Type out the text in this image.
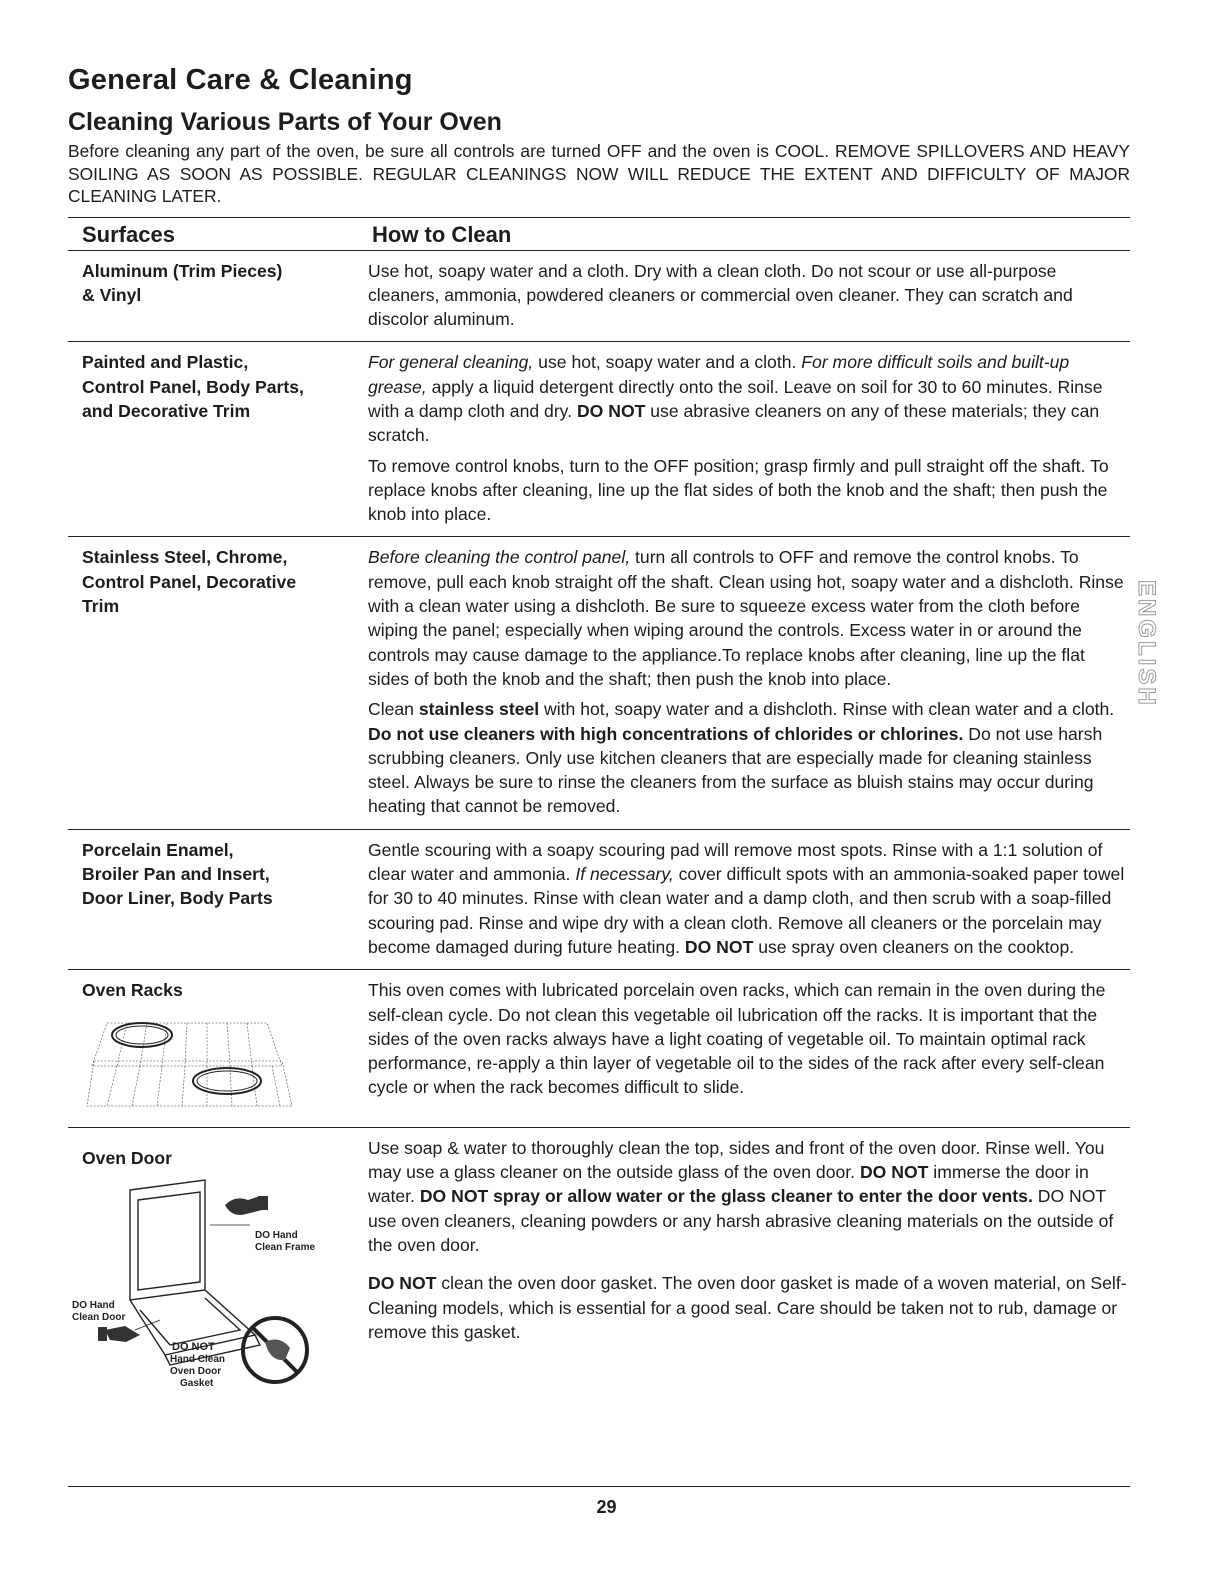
General Care & Cleaning
Cleaning Various Parts of Your Oven

Before cleaning any part of the oven, be sure all controls are turned OFF and the oven is COOL. REMOVE SPILLOVERS AND HEAVY SOILING AS SOON AS POSSIBLE. REGULAR CLEANINGS NOW WILL REDUCE THE EXTENT AND DIFFICULTY OF MAJOR CLEANING LATER.

Surfaces	How to Clean
Aluminum (Trim Pieces)
& Vinyl

Use hot, soapy water and a cloth. Dry with a clean cloth. Do not scour or use all-purpose cleaners, ammonia, powdered cleaners or commercial oven cleaner. They can scratch and discolor aluminum.

Painted and Plastic,
Control Panel, Body Parts,
and Decorative Trim

For general cleaning, use hot, soapy water and a cloth. For more difficult soils and built-up grease, apply a liquid detergent directly onto the soil. Leave on soil for 30 to 60 minutes. Rinse with a damp cloth and dry. DO NOT use abrasive cleaners on any of these materials; they can scratch.

To remove control knobs, turn to the OFF position; grasp firmly and pull straight off the shaft. To replace knobs after cleaning, line up the flat sides of both the knob and the shaft; then push the knob into place.

Stainless Steel, Chrome,
Control Panel, Decorative
Trim

Before cleaning the control panel, turn all controls to OFF and remove the control knobs. To remove, pull each knob straight off the shaft. Clean using hot, soapy water and a dishcloth. Rinse with a clean water using a dishcloth. Be sure to squeeze excess water from the cloth before wiping the panel; especially when wiping around the controls. Excess water in or around the controls may cause damage to the appliance.To replace knobs after cleaning, line up the flat sides of both the knob and the shaft; then push the knob into place.

Clean stainless steel with hot, soapy water and a dishcloth. Rinse with clean water and a cloth. Do not use cleaners with high concentrations of chlorides or chlorines. Do not use harsh scrubbing cleaners. Only use kitchen cleaners that are especially made for cleaning stainless steel. Always be sure to rinse the cleaners from the surface as bluish stains may occur during heating that cannot be removed.

Porcelain Enamel,
Broiler Pan and Insert,
Door Liner, Body Parts

Gentle scouring with a soapy scouring pad will remove most spots. Rinse with a 1:1 solution of clear water and ammonia. If necessary, cover difficult spots with an ammonia-soaked paper towel for 30 to 40 minutes. Rinse with clean water and a damp cloth, and then scrub with a soap-filled scouring pad. Rinse and wipe dry with a clean cloth. Remove all cleaners or the porcelain may become damaged during future heating. DO NOT use spray oven cleaners on the cooktop.

Oven Racks	This oven comes with lubricated porcelain oven racks, which can remain in the oven during the self-clean cycle. Do not clean this vegetable oil lubrication off the racks. It is important that the sides of the oven racks always have a light coating of vegetable oil. To maintain optimal rack performance, re-apply a thin layer of vegetable oil to the sides of the rack after every self-clean cycle or when the rack becomes difficult to slide.

Oven Door
DO Hand
Clean Frame
DO Hand
Clean Door
DO NOT
Hand Clean
Oven Door
Gasket

Use soap & water to thoroughly clean the top, sides and front of the oven door. Rinse well. You may use a glass cleaner on the outside glass of the oven door. DO NOT immerse the door in water. DO NOT spray or allow water or the glass cleaner to enter the door vents. DO NOT use oven cleaners, cleaning powders or any harsh abrasive cleaning materials on the outside of the oven door.

DO NOT clean the oven door gasket. The oven door gasket is made of a woven material, on Self-Cleaning models, which is essential for a good seal. Care should be taken not to rub, damage or remove this gasket.

ENGLISH
29
